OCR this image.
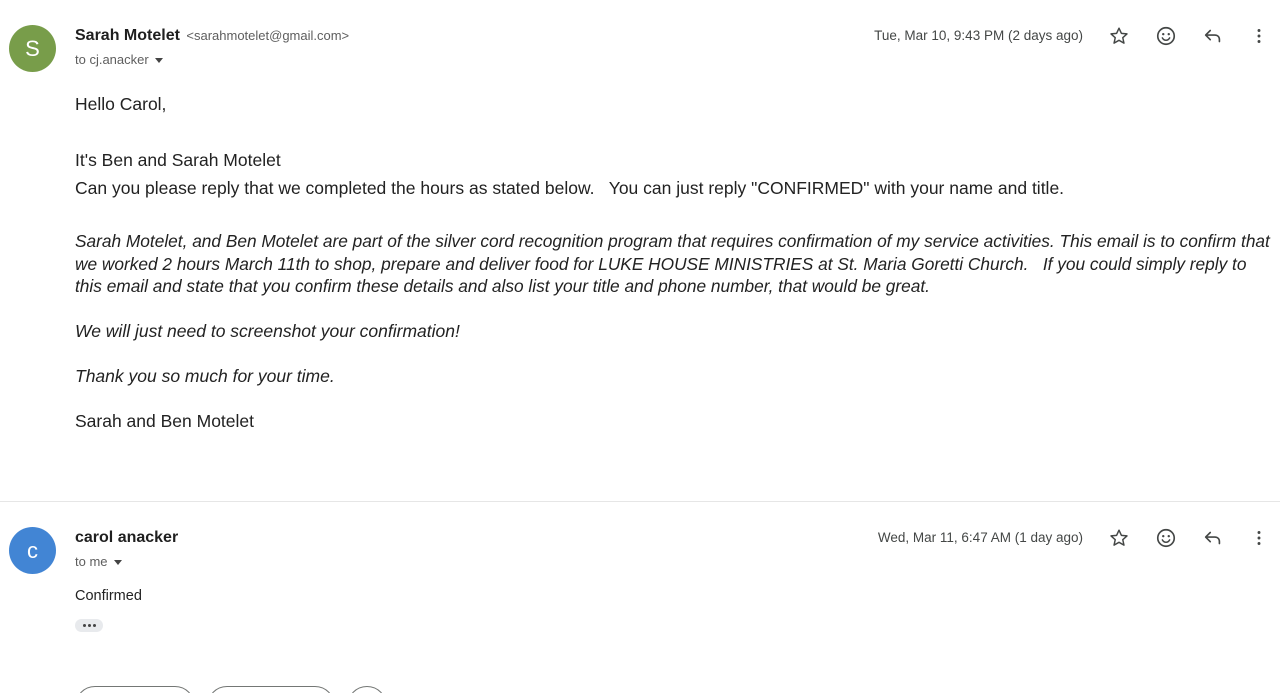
S Sarah Motelet <sarahmotelet@gmail.com>
to cj.anacker
Tue, Mar 10, 9:43 PM (2 days ago)
Hello Carol,
It's Ben and Sarah Motelet
Can you please reply that we completed the hours as stated below.   You can just reply "CONFIRMED" with your name and title.
Sarah Motelet, and Ben Motelet are part of the silver cord recognition program that requires confirmation of my service activities. This email is to confirm that we worked 2 hours March 11th to shop, prepare and deliver food for LUKE HOUSE MINISTRIES at St. Maria Goretti Church.   If you could simply reply to this email and state that you confirm these details and also list your title and phone number, that would be great.
We will just need to screenshot your confirmation!
Thank you so much for your time.
Sarah and Ben Motelet
c carol anacker
to me
Wed, Mar 11, 6:47 AM (1 day ago)
Confirmed
